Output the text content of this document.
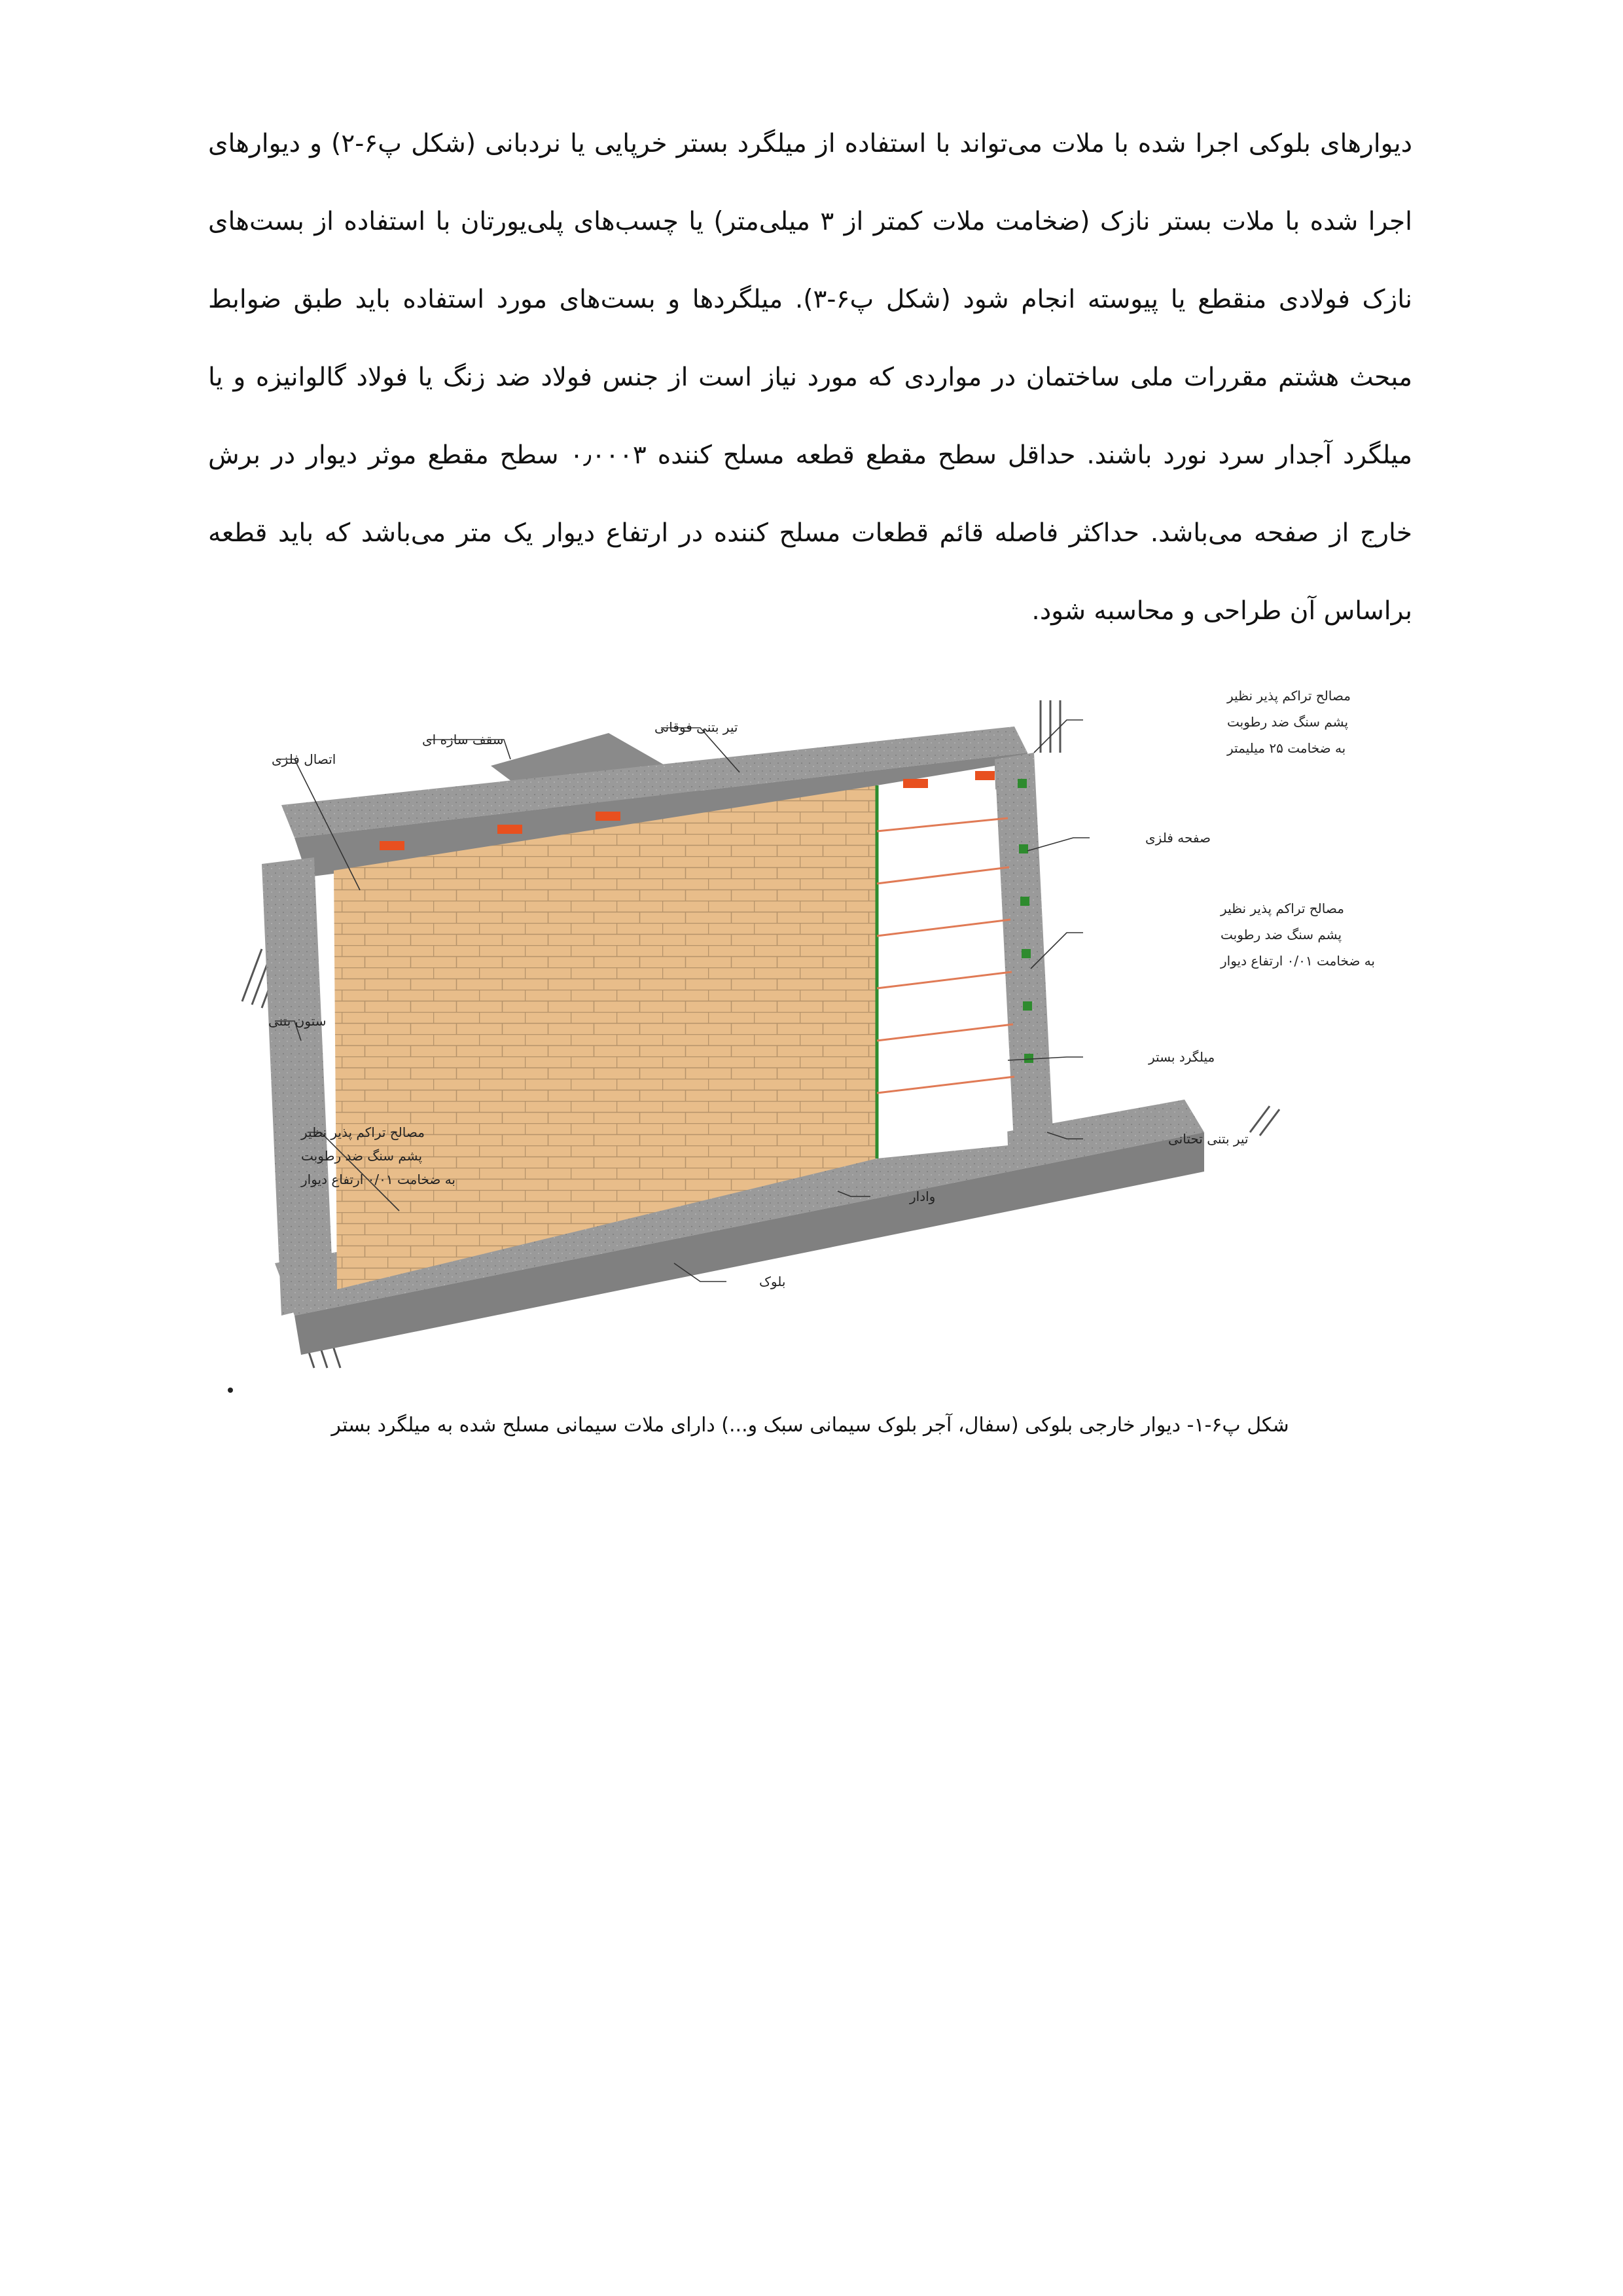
دیوارهای بلوکی اجرا شده با ملات می‌تواند با استفاده از میلگرد بستر خرپایی یا نردبانی (شکل پ۶-۲) و دیوارهای اجرا شده با ملات بستر نازک (ضخامت ملات کمتر از ۳ میلی‌متر) یا چسب‌های پلی‌یورتان با استفاده از بست‌های نازک فولادی منقطع یا پیوسته انجام شود (شکل پ۶-۳). میلگردها و بست‌های مورد استفاده باید طبق ضوابط مبحث هشتم مقررات ملی ساختمان در مواردی که مورد نیاز است از جنس فولاد ضد زنگ یا فولاد گالوانیزه و یا میلگرد آجدار سرد نورد باشند. حداقل سطح مقطع قطعه مسلح کننده ۰٫۰۰۰۳ سطح مقطع موثر دیوار در برش خارج از صفحه می‌باشد. حداکثر فاصله قائم قطعات مسلح کننده در ارتفاع دیوار یک متر می‌باشد که باید قطعه براساس آن طراحی و محاسبه شود.

سقف سازه ای
تیر بتنی فوقانی
اتصال فلزی
ستون بتنی
مصالح تراکم پذیر نظیر
پشم سنگ ضد رطوبت
به ضخامت ۰/۰۱ ارتفاع دیوار
مصالح تراکم پذیر نظیر
پشم سنگ ضد رطوبت
به ضخامت ۲۵ میلیمتر
صفحه فلزی
مصالح تراکم پذیر نظیر
پشم سنگ ضد رطوبت
به ضخامت ۰/۰۱ ارتفاع دیوار
میلگرد بستر
تیر بتنی تحتانی
وادار
بلوک

شکل پ۶-۱- دیوار خارجی بلوکی (سفال، آجر بلوک سیمانی سبک و...) دارای ملات سیمانی مسلح شده به میلگرد بستر
